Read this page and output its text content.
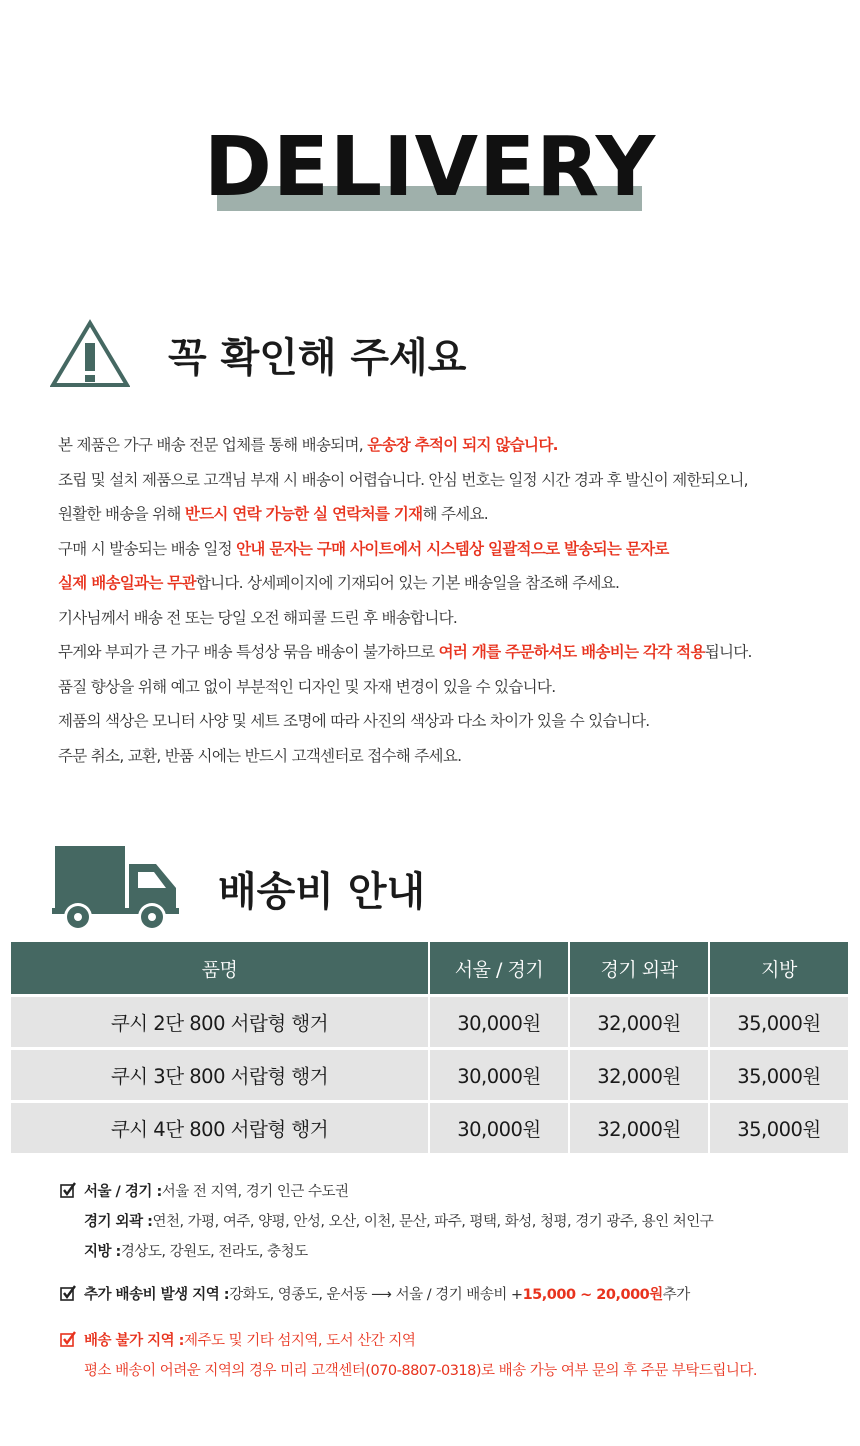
DELIVERY
꼭 확인해 주세요
본 제품은 가구 배송 전문 업체를 통해 배송되며, 운송장 추적이 되지 않습니다.
조립 및 설치 제품으로 고객님 부재 시 배송이 어렵습니다. 안심 번호는 일정 시간 경과 후 발신이 제한되오니,
원활한 배송을 위해 반드시 연락 가능한 실 연락처를 기재해 주세요.
구매 시 발송되는 배송 일정 안내 문자는 구매 사이트에서 시스템상 일괄적으로 발송되는 문자로
실제 배송일과는 무관합니다. 상세페이지에 기재되어 있는 기본 배송일을 참조해 주세요.
기사님께서 배송 전 또는 당일 오전 해피콜 드린 후 배송합니다.
무게와 부피가 큰 가구 배송 특성상 묶음 배송이 불가하므로 여러 개를 주문하셔도 배송비는 각각 적용됩니다.
품질 향상을 위해 예고 없이 부분적인 디자인 및 자재 변경이 있을 수 있습니다.
제품의 색상은 모니터 사양 및 세트 조명에 따라 사진의 색상과 다소 차이가 있을 수 있습니다.
주문 취소, 교환, 반품 시에는 반드시 고객센터로 접수해 주세요.
배송비 안내
품명	서울 / 경기	경기 외곽	지방
쿠시 2단 800 서랍형 행거	30,000원	32,000원	35,000원
쿠시 3단 800 서랍형 행거	30,000원	32,000원	35,000원
쿠시 4단 800 서랍형 행거	30,000원	32,000원	35,000원
서울 / 경기 : 서울 전 지역, 경기 인근 수도권
경기 외곽 : 연천, 가평, 여주, 양평, 안성, 오산, 이천, 문산, 파주, 평택, 화성, 청평, 경기 광주, 용인 처인구
지방 : 경상도, 강원도, 전라도, 충청도
추가 배송비 발생 지역 : 강화도, 영종도, 운서동 ⟶ 서울 / 경기 배송비 + 15,000 ~ 20,000원 추가
배송 불가 지역 : 제주도 및 기타 섬지역, 도서 산간 지역
평소 배송이 어려운 지역의 경우 미리 고객센터(070-8807-0318)로 배송 가능 여부 문의 후 주문 부탁드립니다.
